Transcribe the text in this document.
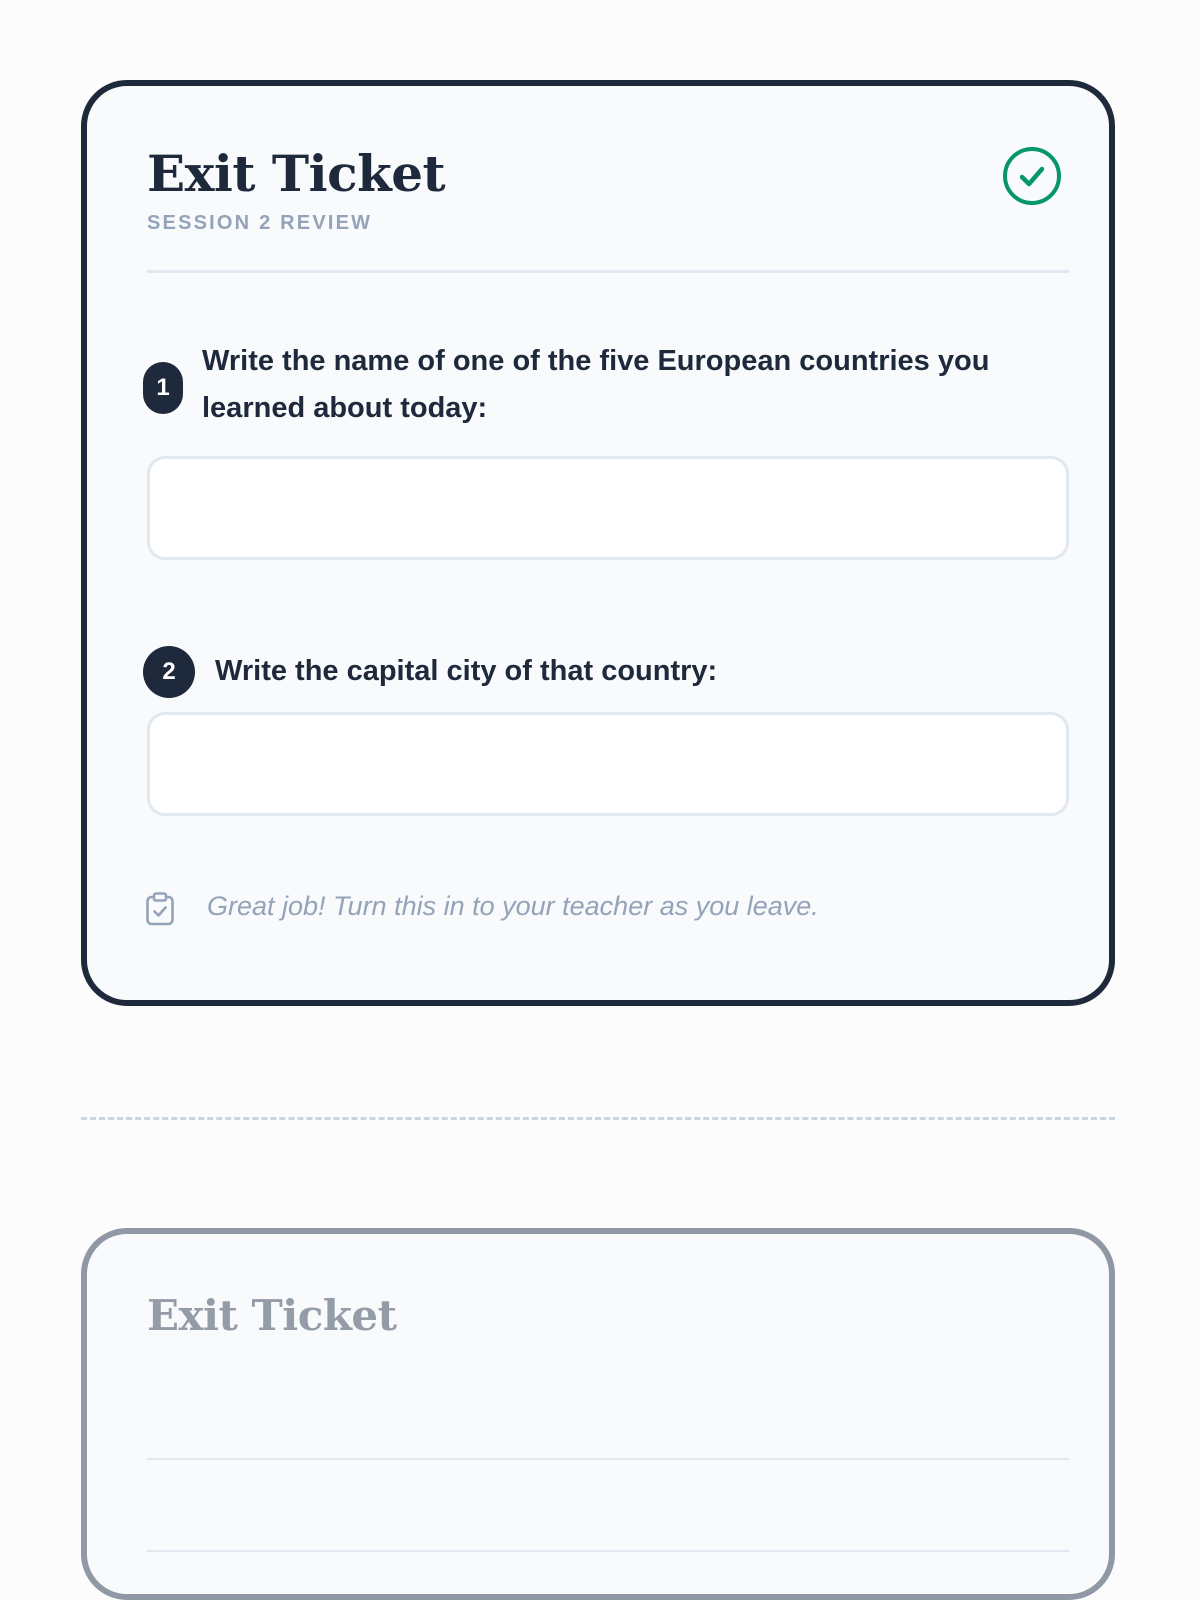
Exit Ticket
SESSION 2 REVIEW
1
Write the name of one of the five European countries you learned about today:
2	Write the capital city of that country:
Great job! Turn this in to your teacher as you leave.
Exit Ticket
